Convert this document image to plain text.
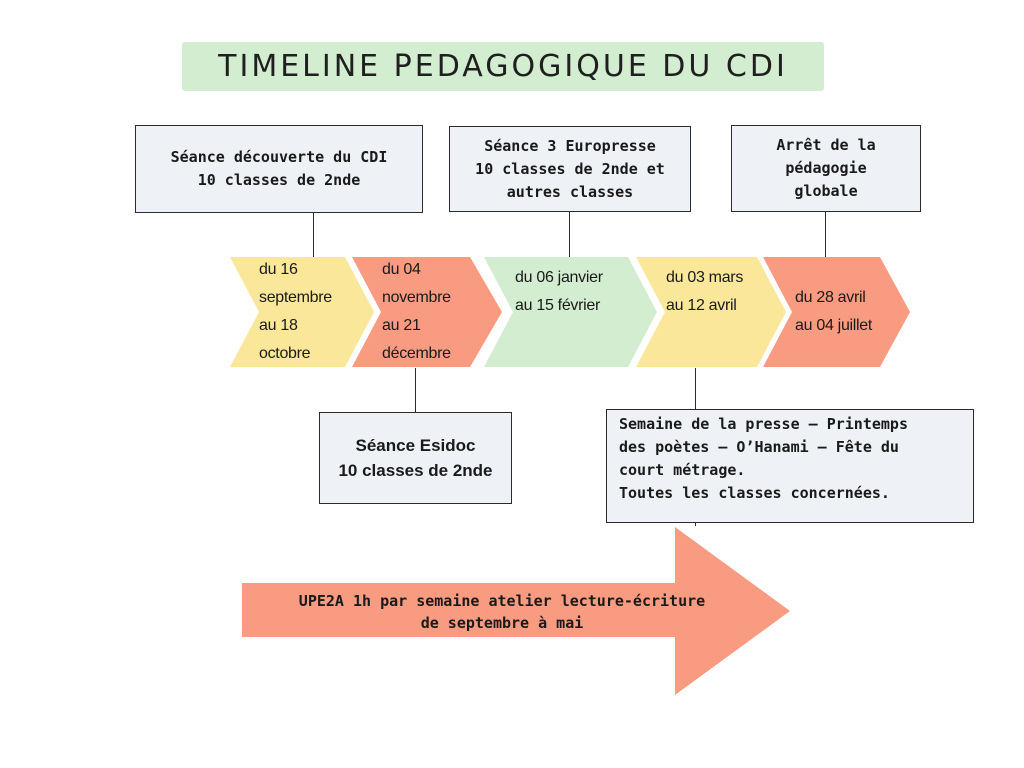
TIMELINE PEDAGOGIQUE DU CDI
Séance découverte du CDI
10 classes de 2nde
Séance 3 Europresse
10 classes de 2nde et
autres classes
Arrêt de la
pédagogie
globale
du 16
septembre
au 18
octobre
du 04
novembre
au 21
décembre
du 06 janvier
au 15 février
du 03 mars
au 12 avril	du 28 avril
au 04 juillet
Séance Esidoc
10 classes de 2nde
Semaine de la presse – Printemps
des poètes – O’Hanami – Fête du
court métrage.
Toutes les classes concernées.
UPE2A 1h par semaine atelier lecture-écriture
de septembre à mai
